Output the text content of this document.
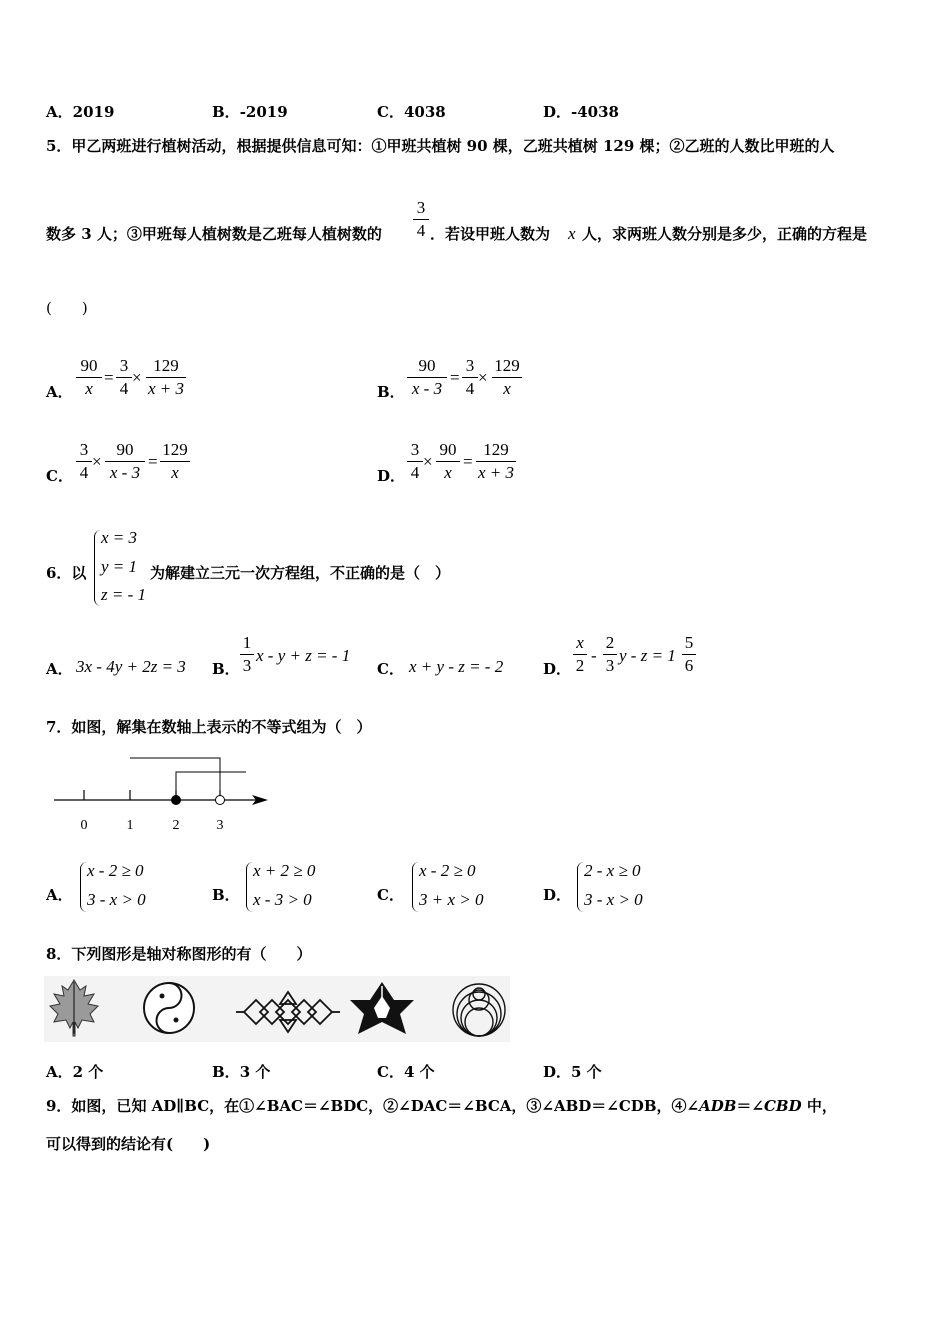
A．2019	B．-2019	C．4038	D．-4038
5．甲乙两班进行植树活动，根据提供信息可知：①甲班共植树 90 棵，乙班共植树 129 棵；②乙班的人数比甲班的人
数多 3 人；③甲班每人植树数是乙班每人植树数的
3
4 ．若设甲班人数为 x 人，求两班人数分别是多少，正确的方程是
(　　)
A．
90
x
=
3
4
×
129
x + 3	B．
90
x - 3
=
3
4
×
129
x
C．
3
4
×
90
x - 3
=
129
x	D．
3
4
×
90
x
=
129
x + 3
6．以
x = 3
y = 1
z = - 1
为解建立三元一次方程组，不正确的是（　）
A． 3x - 4y + 2z = 3 B．
1
3
x - y + z = - 1
C． x + y - z = - 2	D．
x
2
-
2
3
y - z = 1
5
6
7．如图，解集在数轴上表示的不等式组为（　）
0	1	2	3
A．
x - 2 ≥ 0
3 - x > 0	B．
x + 2 ≥ 0
x - 3 > 0	C．
x - 2 ≥ 0
3 + x > 0	D．
2 - x ≥ 0
3 - x > 0
8．下列图形是轴对称图形的有（　　）
A．2 个	B．3 个	C．4 个	D．5 个
9．如图，已知 AD∥BC，在①∠BAC＝∠BDC，②∠DAC＝∠BCA，③∠ABD＝∠CDB，④∠ADB＝∠CBD 中，
可以得到的结论有(　　)
